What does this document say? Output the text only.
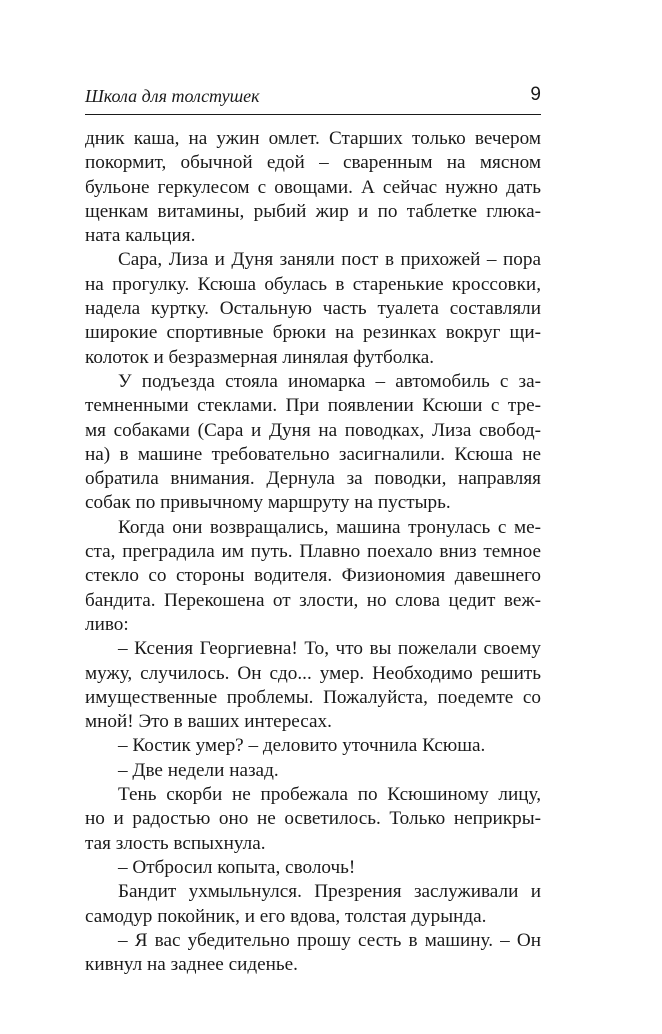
Школа для толстушек	9
дник каша, на ужин омлет. Старших только вечером
покормит, обычной едой – сваренным на мясном
бульоне геркулесом с овощами. А сейчас нужно дать
щенкам витамины, рыбий жир и по таблетке глюка-
ната кальция.
Сара, Лиза и Дуня заняли пост в прихожей – пора
на прогулку. Ксюша обулась в старенькие кроссовки,
надела куртку. Остальную часть туалета составляли
широкие спортивные брюки на резинках вокруг щи-
колоток и безразмерная линялая футболка.
У подъезда стояла иномарка – автомобиль с за-
темненными стеклами. При появлении Ксюши с тре-
мя собаками (Сара и Дуня на поводках, Лиза свобод-
на) в машине требовательно засигналили. Ксюша не
обратила внимания. Дернула за поводки, направляя
собак по привычному маршруту на пустырь.
Когда они возвращались, машина тронулась с ме-
ста, преградила им путь. Плавно поехало вниз темное
стекло со стороны водителя. Физиономия давешнего
бандита. Перекошена от злости, но слова цедит веж-
ливо:
– Ксения Георгиевна! То, что вы пожелали своему
мужу, случилось. Он сдо... умер. Необходимо решить
имущественные проблемы. Пожалуйста, поедемте со
мной! Это в ваших интересах.
– Костик умер? – деловито уточнила Ксюша.
– Две недели назад.
Тень скорби не пробежала по Ксюшиному лицу,
но и радостью оно не осветилось. Только неприкры-
тая злость вспыхнула.
– Отбросил копыта, сволочь!
Бандит ухмыльнулся. Презрения заслуживали и
самодур покойник, и его вдова, толстая дурында.
– Я вас убедительно прошу сесть в машину. – Он
кивнул на заднее сиденье.
